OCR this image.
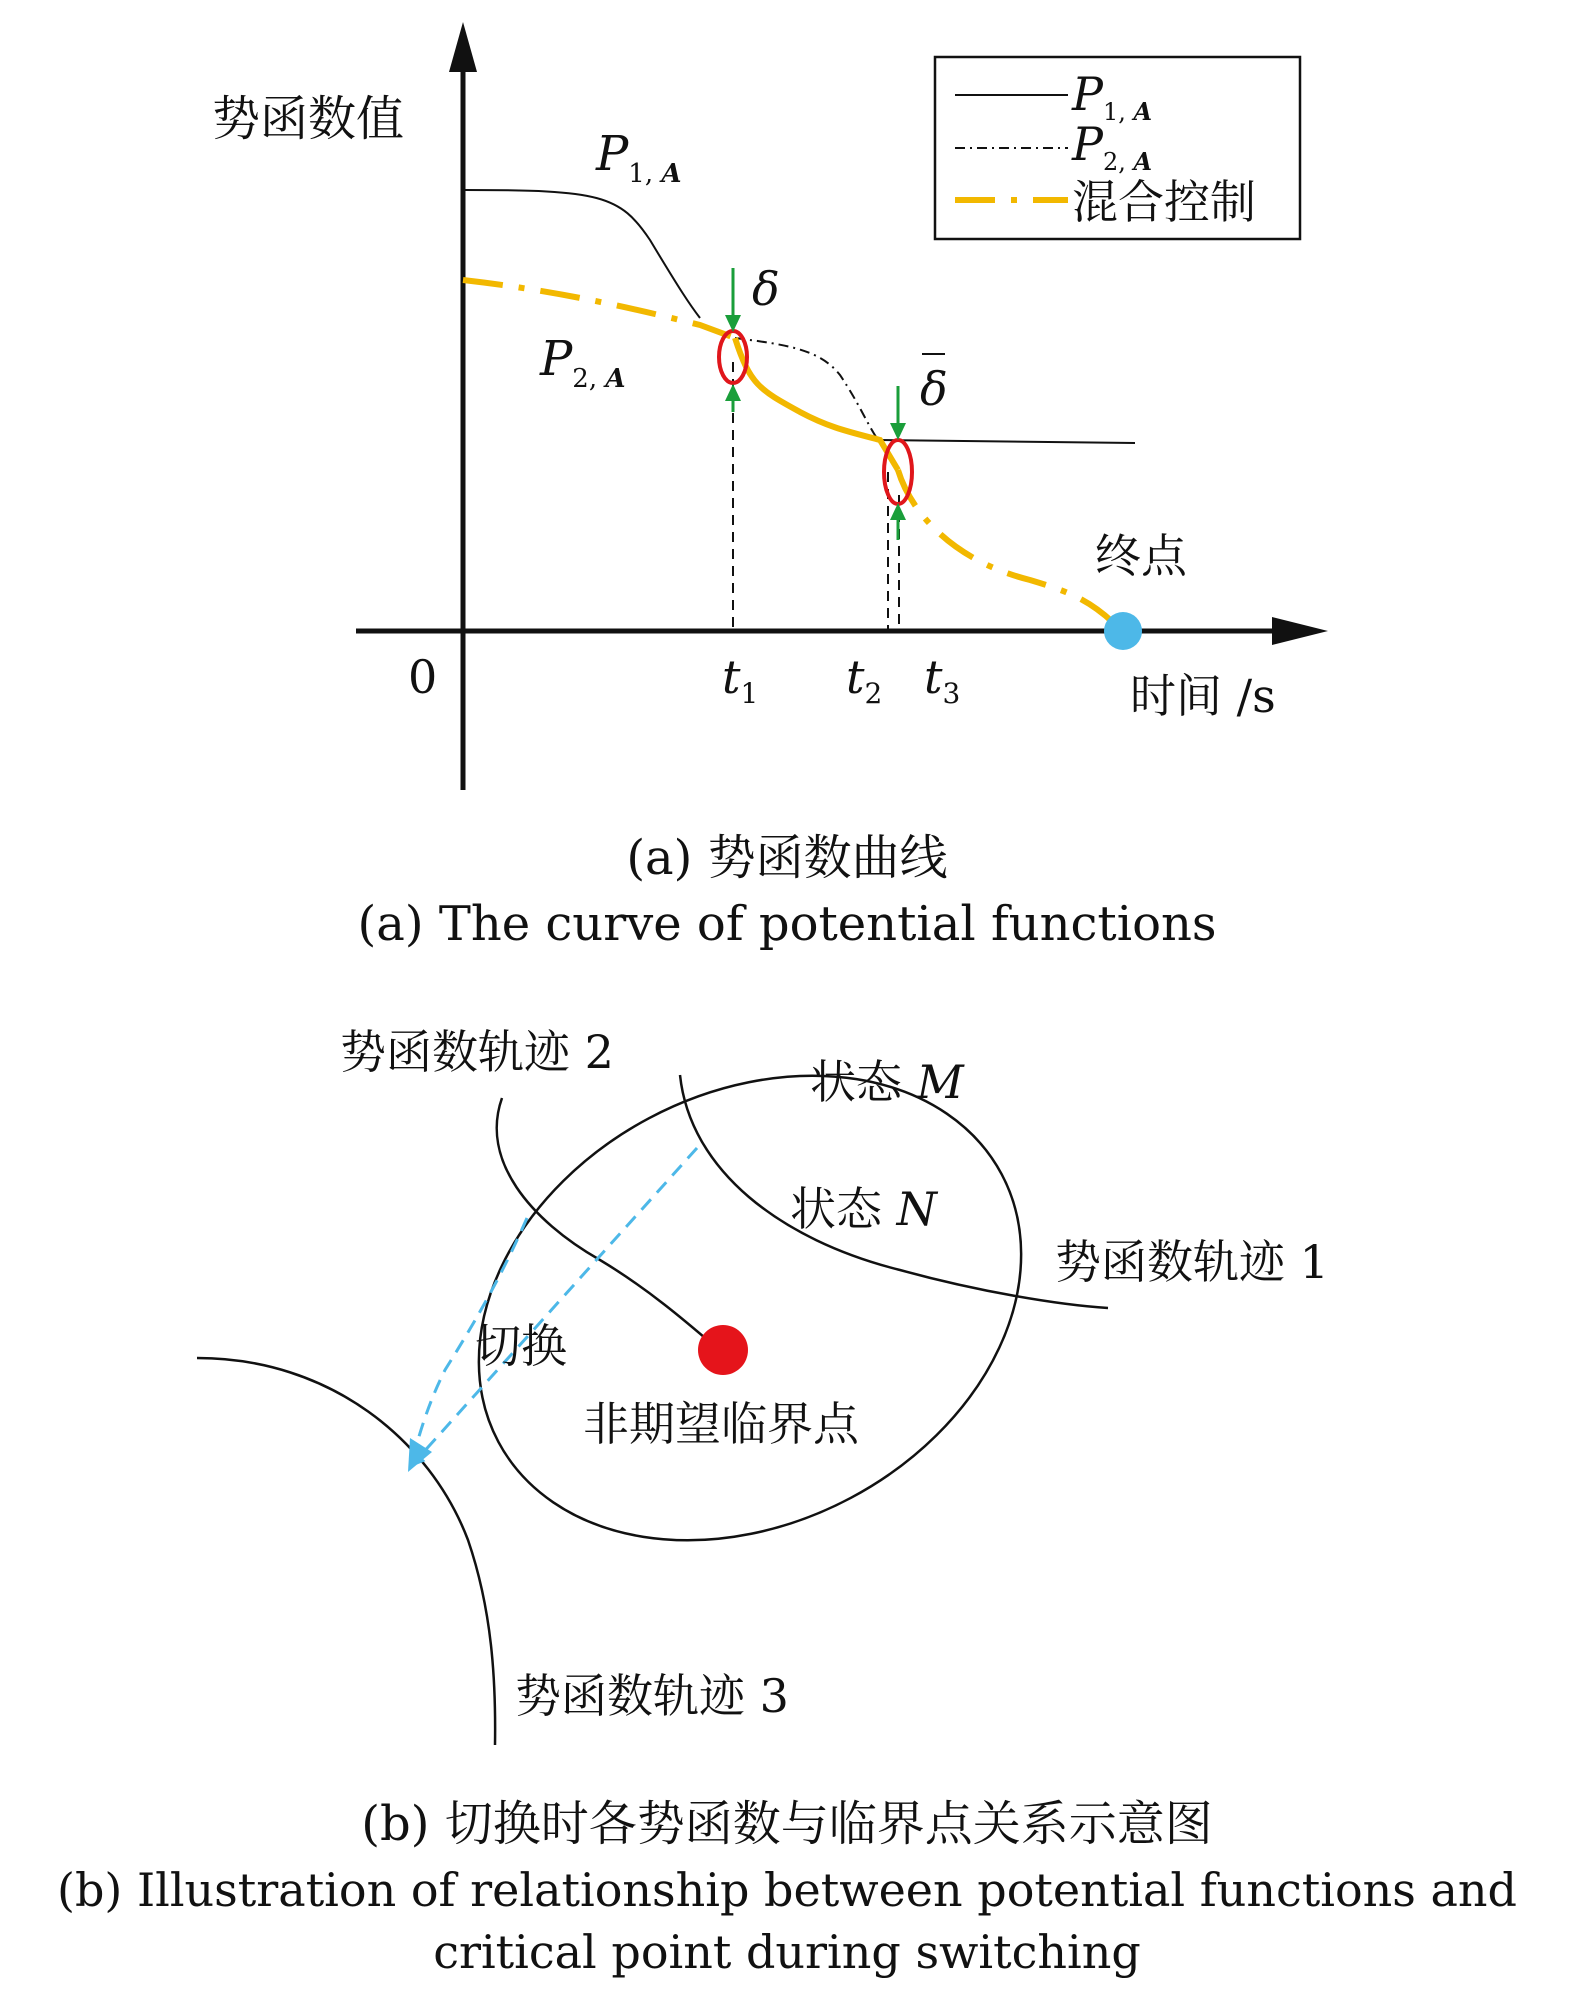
势函数值
时间 /s
0
终点
$P_{1,}$ A
$P_{2,}$ A
δ
δ
$t_1$ $t_2$ $t_3$
$P_{1,}$ A
$P_{2,}$ A
混合控制
(a) 势函数曲线
(a) The curve of potential functions
势函数轨迹 2
状态 M
状态 N
势函数轨迹 1
切换
非期望临界点
势函数轨迹 3
(b) 切换时各势函数与临界点关系示意图
(b) Illustration of relationship between potential functions and
critical point during switching
